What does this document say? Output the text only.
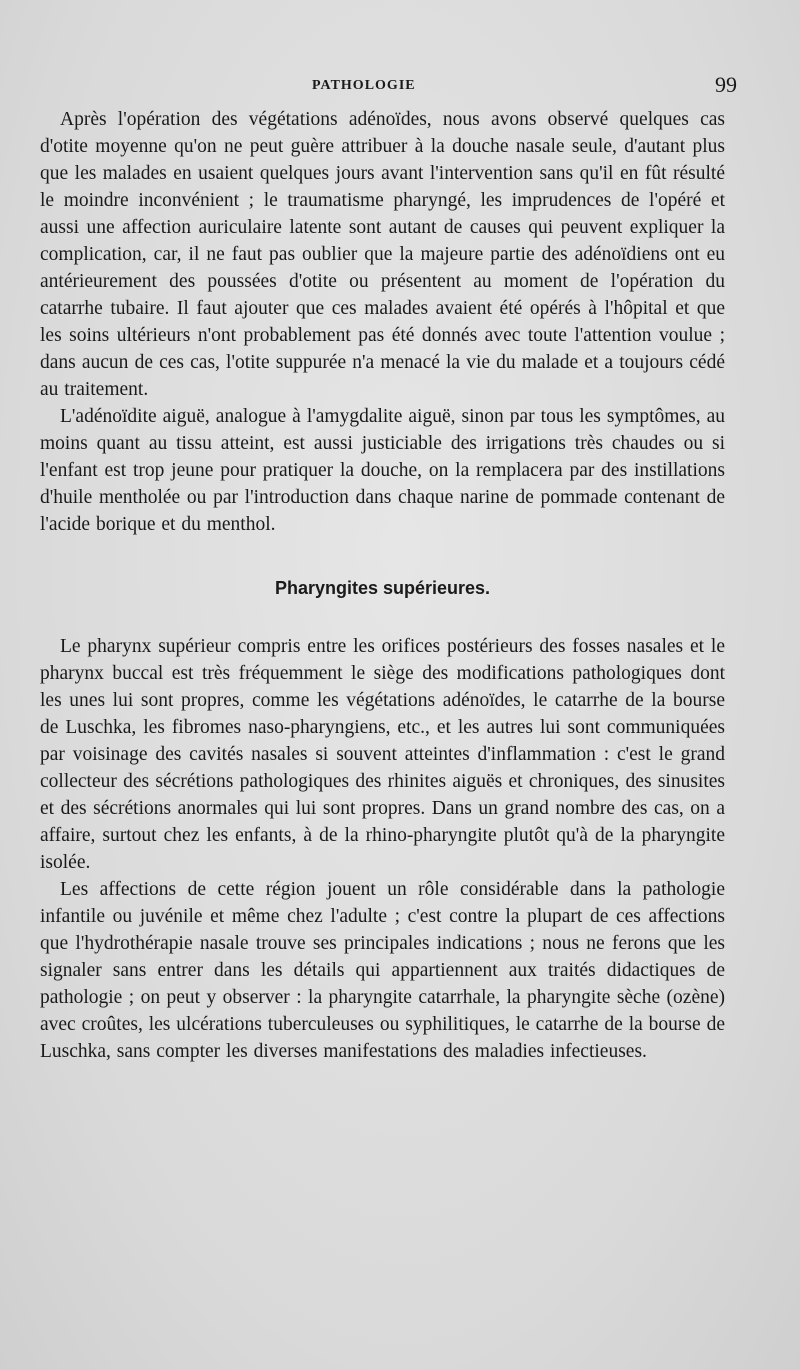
PATHOLOGIE	99

Après l'opération des végétations adénoïdes, nous avons observé quelques cas d'otite moyenne qu'on ne peut guère attribuer à la douche nasale seule, d'autant plus que les malades en usaient quelques jours avant l'intervention sans qu'il en fût résulté le moindre inconvénient ; le traumatisme pharyngé, les imprudences de l'opéré et aussi une affection auriculaire latente sont autant de causes qui peuvent expliquer la complication, car, il ne faut pas oublier que la majeure partie des adénoïdiens ont eu antérieurement des poussées d'otite ou présentent au moment de l'opération du catarrhe tubaire. Il faut ajouter que ces malades avaient été opérés à l'hôpital et que les soins ultérieurs n'ont probablement pas été donnés avec toute l'attention voulue ; dans aucun de ces cas, l'otite suppurée n'a menacé la vie du malade et a toujours cédé au traitement.

L'adénoïdite aiguë, analogue à l'amygdalite aiguë, sinon par tous les symptômes, au moins quant au tissu atteint, est aussi justiciable des irrigations très chaudes ou si l'enfant est trop jeune pour pratiquer la douche, on la remplacera par des instillations d'huile mentholée ou par l'introduction dans chaque narine de pommade contenant de l'acide borique et du menthol.

Pharyngites supérieures.

Le pharynx supérieur compris entre les orifices postérieurs des fosses nasales et le pharynx buccal est très fréquemment le siège des modifications pathologiques dont les unes lui sont propres, comme les végétations adénoïdes, le catarrhe de la bourse de Luschka, les fibromes naso-pharyngiens, etc., et les autres lui sont communiquées par voisinage des cavités nasales si souvent atteintes d'inflammation : c'est le grand collecteur des sécrétions pathologiques des rhinites aiguës et chroniques, des sinusites et des sécrétions anormales qui lui sont propres. Dans un grand nombre des cas, on a affaire, surtout chez les enfants, à de la rhino-pharyngite plutôt qu'à de la pharyngite isolée.

Les affections de cette région jouent un rôle considérable dans la pathologie infantile ou juvénile et même chez l'adulte ; c'est contre la plupart de ces affections que l'hydrothérapie nasale trouve ses principales indications ; nous ne ferons que les signaler sans entrer dans les détails qui appartiennent aux traités didactiques de pathologie ; on peut y observer : la pharyngite catarrhale, la pharyngite sèche (ozène) avec croûtes, les ulcérations tuberculeuses ou syphilitiques, le catarrhe de la bourse de Luschka, sans compter les diverses manifestations des maladies infectieuses.
